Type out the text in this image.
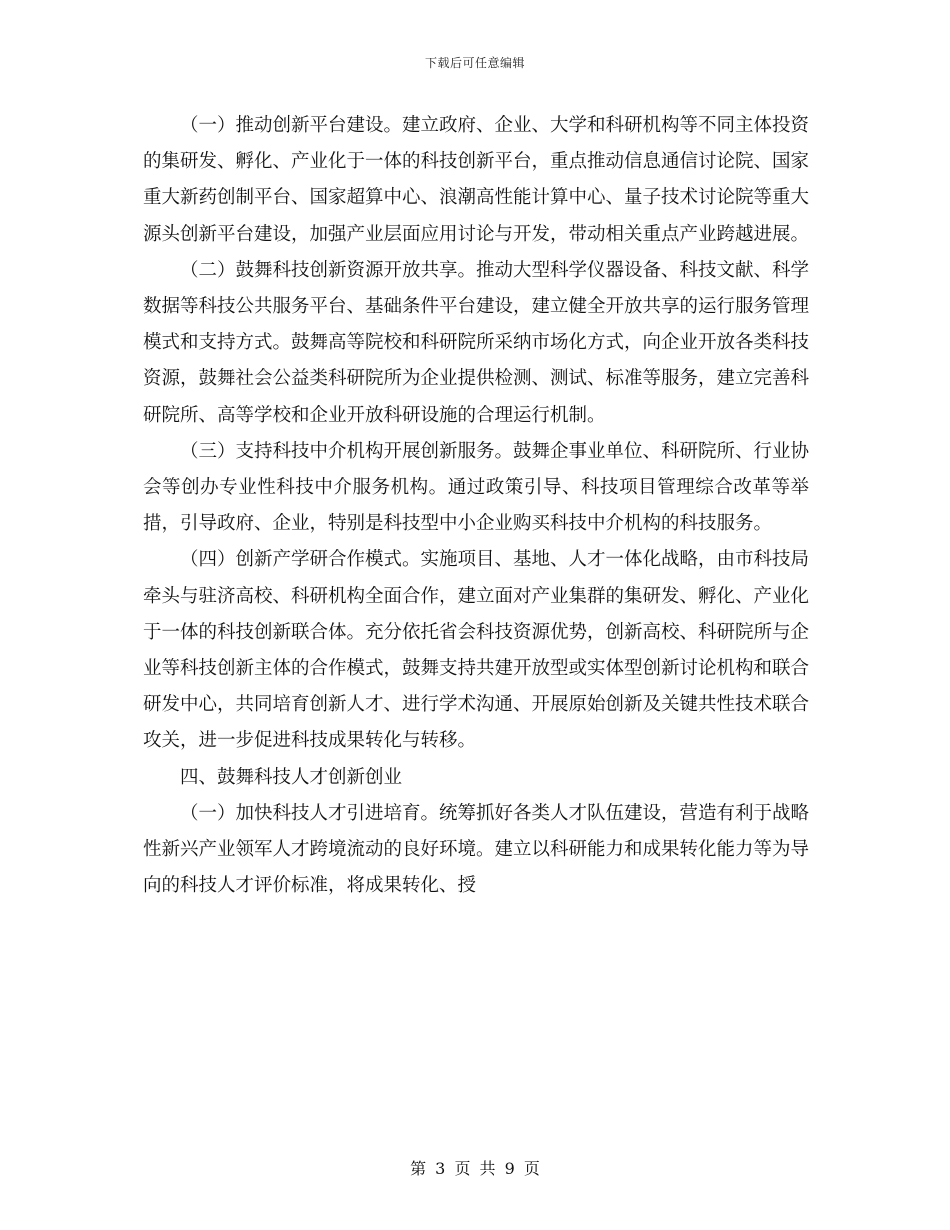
下载后可任意编辑

（一）推动创新平台建设。建立政府、企业、大学和科研机构等不同主体投资的集研发、孵化、产业化于一体的科技创新平台，重点推动信息通信讨论院、国家重大新药创制平台、国家超算中心、浪潮高性能计算中心、量子技术讨论院等重大源头创新平台建设，加强产业层面应用讨论与开发，带动相关重点产业跨越进展。

（二）鼓舞科技创新资源开放共享。推动大型科学仪器设备、科技文献、科学数据等科技公共服务平台、基础条件平台建设，建立健全开放共享的运行服务管理模式和支持方式。鼓舞高等院校和科研院所采纳市场化方式，向企业开放各类科技资源，鼓舞社会公益类科研院所为企业提供检测、测试、标准等服务，建立完善科研院所、高等学校和企业开放科研设施的合理运行机制。

（三）支持科技中介机构开展创新服务。鼓舞企事业单位、科研院所、行业协会等创办专业性科技中介服务机构。通过政策引导、科技项目管理综合改革等举措，引导政府、企业，特别是科技型中小企业购买科技中介机构的科技服务。

（四）创新产学研合作模式。实施项目、基地、人才一体化战略，由市科技局牵头与驻济高校、科研机构全面合作，建立面对产业集群的集研发、孵化、产业化于一体的科技创新联合体。充分依托省会科技资源优势，创新高校、科研院所与企业等科技创新主体的合作模式，鼓舞支持共建开放型或实体型创新讨论机构和联合研发中心，共同培育创新人才、进行学术沟通、开展原始创新及关键共性技术联合攻关，进一步促进科技成果转化与转移。

四、鼓舞科技人才创新创业

（一）加快科技人才引进培育。统筹抓好各类人才队伍建设，营造有利于战略性新兴产业领军人才跨境流动的良好环境。建立以科研能力和成果转化能力等为导向的科技人才评价标准，将成果转化、授

第 3 页 共 9 页
